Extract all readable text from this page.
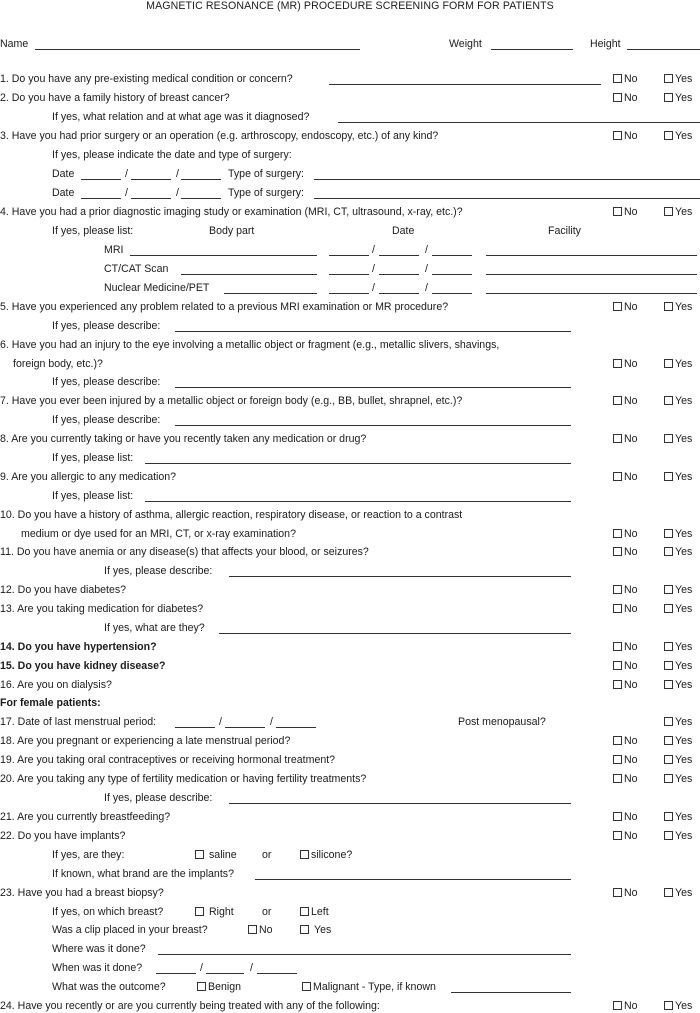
MAGNETIC RESONANCE (MR) PROCEDURE SCREENING FORM FOR PATIENTS
Name	Weight	Height
1. Do you have any pre-existing medical condition or concern?	No	Yes
2. Do you have a family history of breast cancer?	No	Yes
If yes, what relation and at what age was it diagnosed?
3. Have you had prior surgery or an operation (e.g. arthroscopy, endoscopy, etc.) of any kind?	No	Yes
If yes, please indicate the date and type of surgery:
Date	/	/	Type of surgery:
Date	/	/	Type of surgery:
4. Have you had a prior diagnostic imaging study or examination (MRI, CT, ultrasound, x-ray, etc.)?	No	Yes
If yes, please list:	Body part	Date	Facility
MRI	/	/
CT/CAT Scan	/	/
Nuclear Medicine/PET	/	/
5. Have you experienced any problem related to a previous MRI examination or MR procedure?	No	Yes
If yes, please describe:
6. Have you had an injury to the eye involving a metallic object or fragment (e.g., metallic slivers, shavings,
foreign body, etc.)?	No	Yes
If yes, please describe:
7. Have you ever been injured by a metallic object or foreign body (e.g., BB, bullet, shrapnel, etc.)?	No	Yes
If yes, please describe:
8. Are you currently taking or have you recently taken any medication or drug?	No	Yes
If yes, please list:
9. Are you allergic to any medication?	No	Yes
If yes, please list:
10. Do you have a history of asthma, allergic reaction, respiratory disease, or reaction to a contrast
medium or dye used for an MRI, CT, or x-ray examination?	No	Yes
11. Do you have anemia or any disease(s) that affects your blood, or seizures?	No	Yes
If yes, please describe:
12. Do you have diabetes?	No	Yes
13. Are you taking medication for diabetes?	No	Yes
If yes, what are they?
14. Do you have hypertension?	No	Yes
15. Do you have kidney disease?	No	Yes
16. Are you on dialysis?	No	Yes
For female patients:
17. Date of last menstrual period:	/	/	Post menopausal?	Yes
18. Are you pregnant or experiencing a late menstrual period?	No	Yes
19. Are you taking oral contraceptives or receiving hormonal treatment?	No	Yes
20. Are you taking any type of fertility medication or having fertility treatments?	No	Yes
If yes, please describe:
21. Are you currently breastfeeding?	No	Yes
22. Do you have implants?	No	Yes
If yes, are they:	saline or	silicone?
If known, what brand are the implants?
23. Have you had a breast biopsy?	No	Yes
If yes, on which breast?	Right	or	Left
Was a clip placed in your breast?	No	Yes
Where was it done?
When was it done?	/	/
What was the outcome?	Benign	Malignant - Type, if known
24. Have you recently or are you currently being treated with any of the following:	No	Yes
